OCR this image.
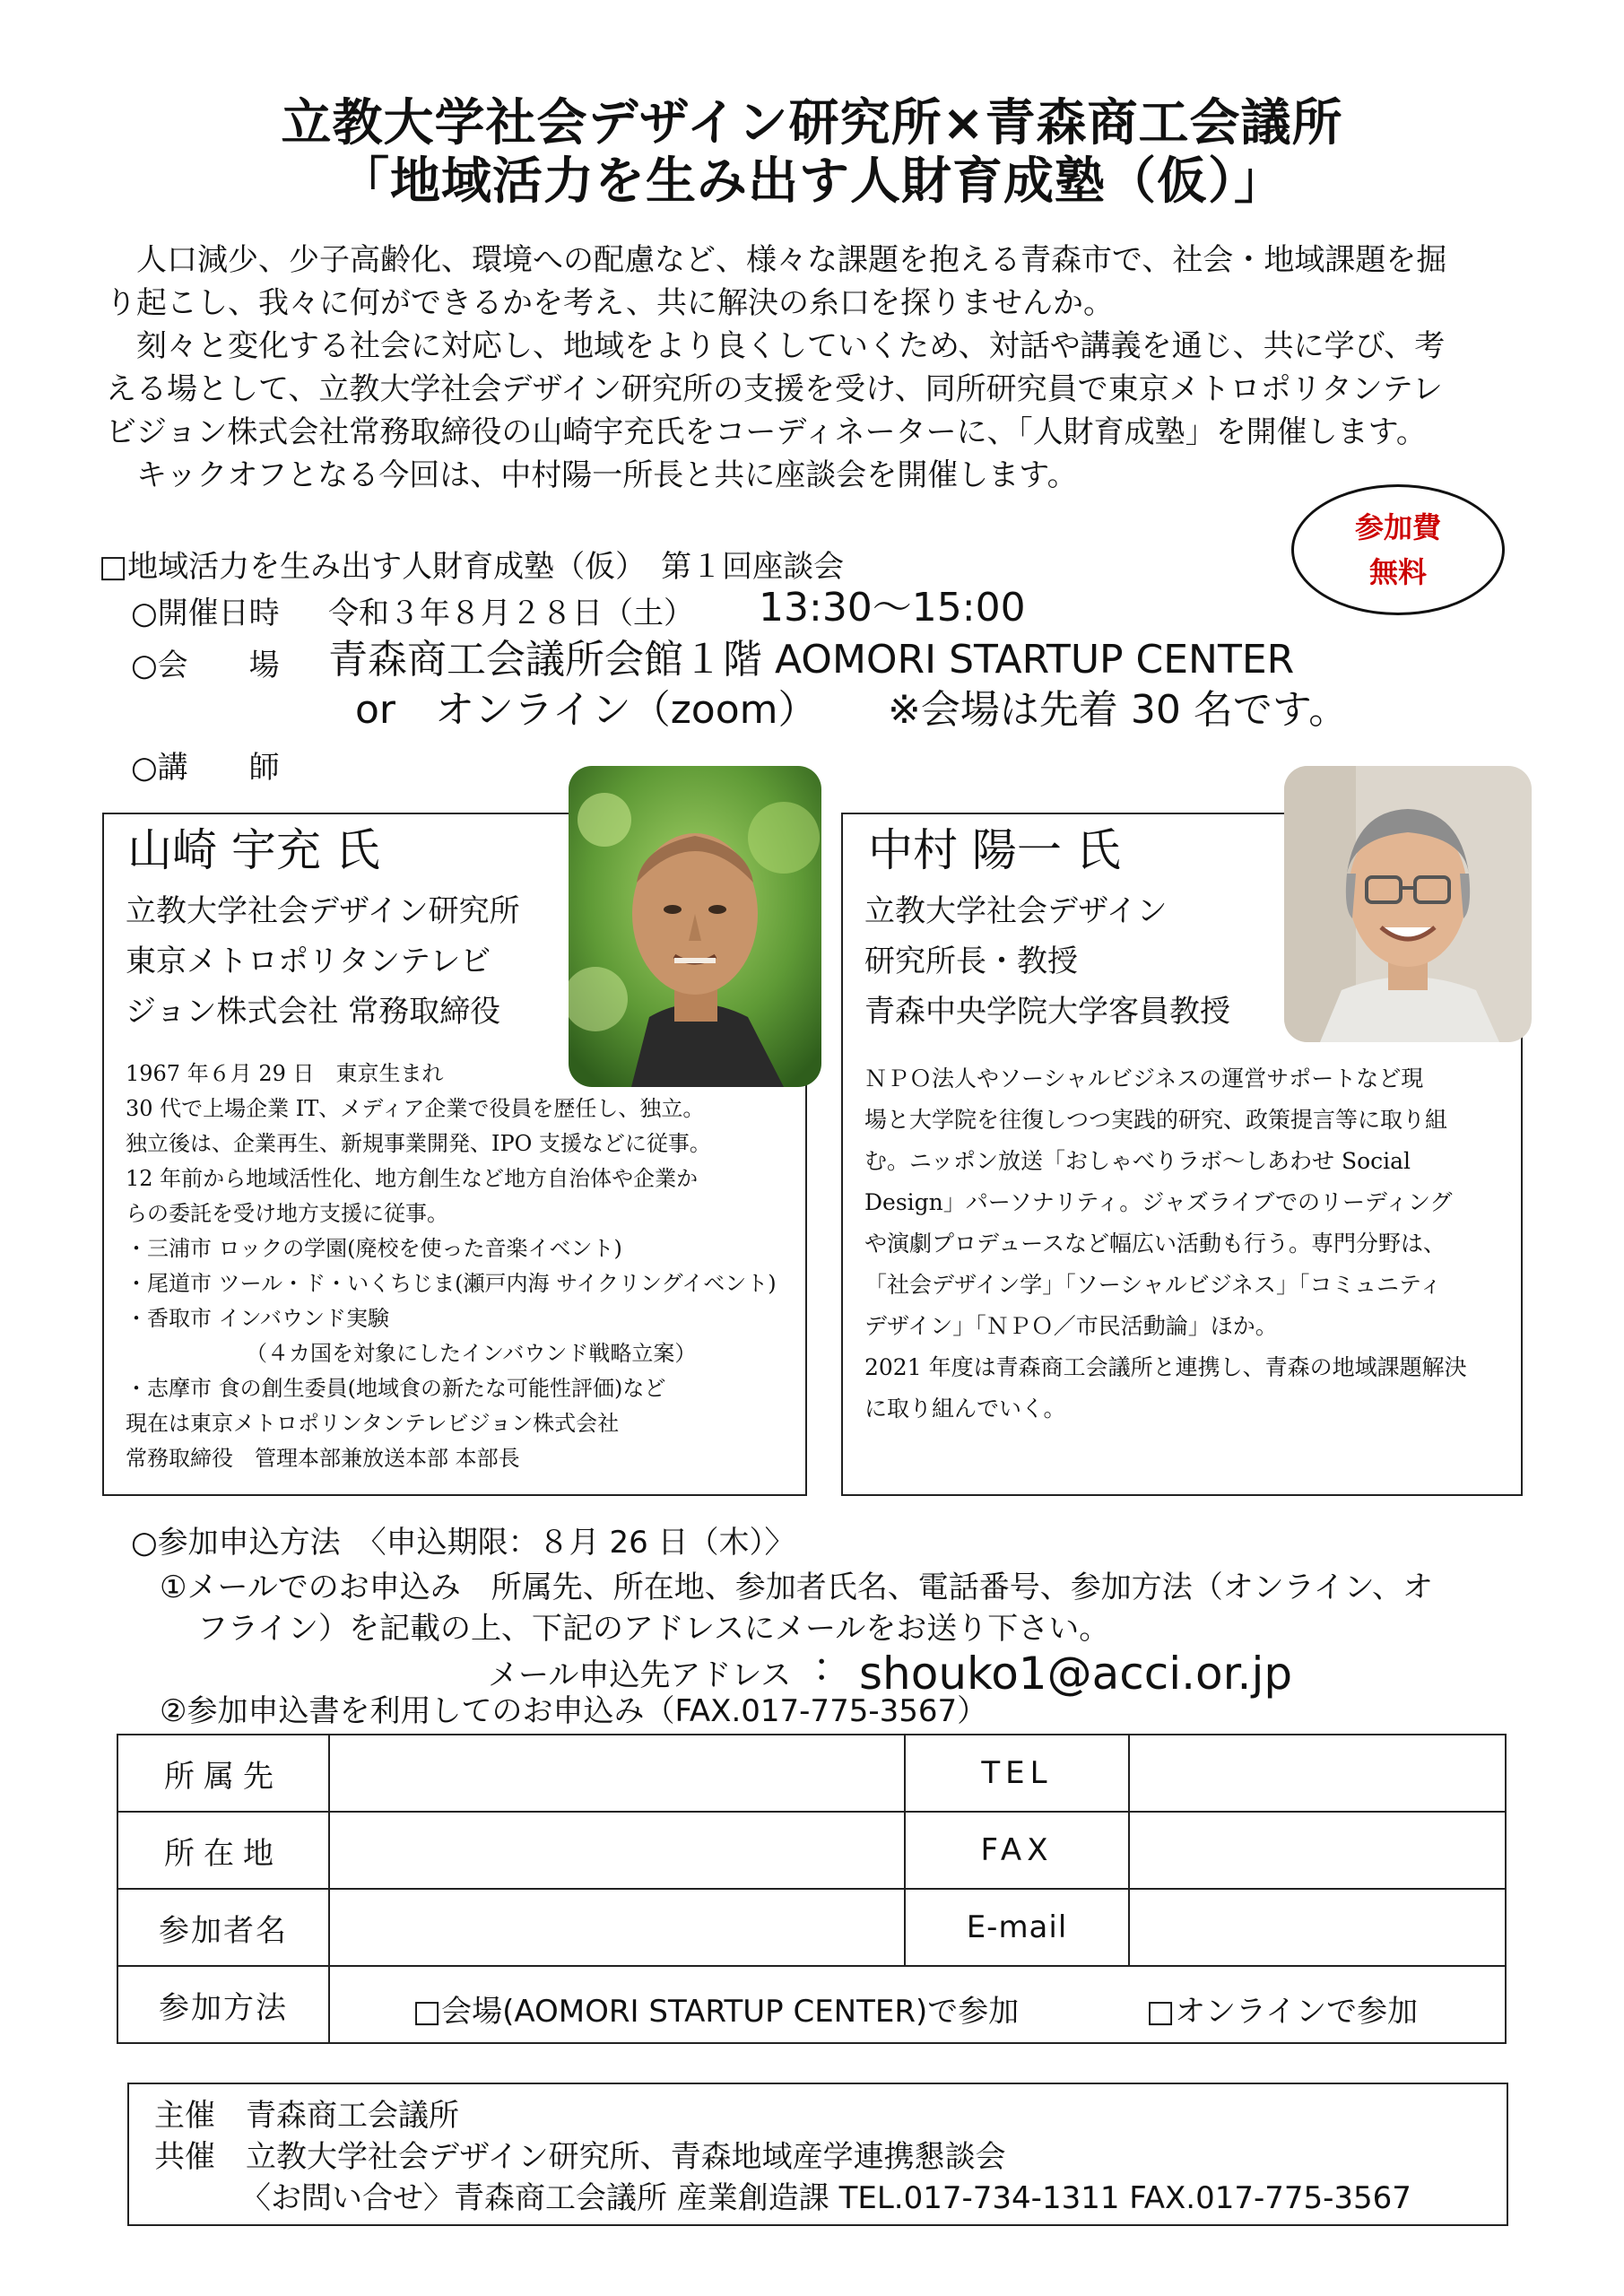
立教大学社会デザイン研究所×青森商工会議所
「地域活力を生み出す人財育成塾（仮）」

人口減少、少子高齢化、環境への配慮など、様々な課題を抱える青森市で、社会・地域課題を掘

り起こし、我々に何ができるかを考え、共に解決の糸口を探りませんか。

刻々と変化する社会に対応し、地域をより良くしていくため、対話や講義を通じ、共に学び、考

える場として、立教大学社会デザイン研究所の支援を受け、同所研究員で東京メトロポリタンテレ

ビジョン株式会社常務取締役の山崎宇充氏をコーディネーターに、「人財育成塾」を開催します。

キックオフとなる今回は、中村陽一所長と共に座談会を開催します。

参加費
無料
□地域活力を生み出す人財育成塾（仮）　第１回座談会
○開催日時 令和３年８月２８日（土） 13:30～15:00
○会　　場 青森商工会議所会館１階 AOMORI STARTUP CENTER
or　オンライン（zoom） ※会場は先着 30 名です。
○講　　師
山崎 宇充 氏
立教大学社会デザイン研究所
東京メトロポリタンテレビ
ジョン株式会社 常務取締役
1967 年６月 29 日　東京生まれ
30 代で上場企業 IT、メディア企業で役員を歴任し、独立。
独立後は、企業再生、新規事業開発、IPO 支援などに従事。
12 年前から地域活性化、地方創生など地方自治体や企業か
らの委託を受け地方支援に従事。
・三浦市 ロックの学園(廃校を使った音楽イベント)
・尾道市 ツール・ド・いくちじま(瀬戸内海 サイクリングイベント)
・香取市 インバウンド実験
（４カ国を対象にしたインバウンド戦略立案）
・志摩市 食の創生委員(地域食の新たな可能性評価)など
現在は東京メトロポリンタンテレビジョン株式会社
常務取締役　管理本部兼放送本部 本部長
中村 陽一 氏
立教大学社会デザイン
研究所長・教授
青森中央学院大学客員教授
ＮＰＯ法人やソーシャルビジネスの運営サポートなど現
場と大学院を往復しつつ実践的研究、政策提言等に取り組
む。ニッポン放送「おしゃべりラボ～しあわせ Social
Design」パーソナリティ。ジャズライブでのリーディング
や演劇プロデュースなど幅広い活動も行う。専門分野は、
「社会デザイン学」「ソーシャルビジネス」「コミュニティ
デザイン」「ＮＰＯ／市民活動論」ほか。
2021 年度は青森商工会議所と連携し、青森の地域課題解決
に取り組んでいく。
○参加申込方法　〈申込期限：８月 26 日（木）〉
①メールでのお申込み　所属先、所在地、参加者氏名、電話番号、参加方法（オンライン、オ
フライン）を記載の上、下記のアドレスにメールをお送り下さい。
メール申込先アドレス ： shouko1@acci.or.jp
②参加申込書を利用してのお申込み（FAX.017-775-3567）
所属先		TEL	
所在地		FAX	
参加者名		E-mail	
参加方法	□会場(AOMORI STARTUP CENTER)で参加 □オンラインで参加		
主催　青森商工会議所
共催　立教大学社会デザイン研究所、青森地域産学連携懇談会
〈お問い合せ〉青森商工会議所 産業創造課 TEL.017-734-1311 FAX.017-775-3567
